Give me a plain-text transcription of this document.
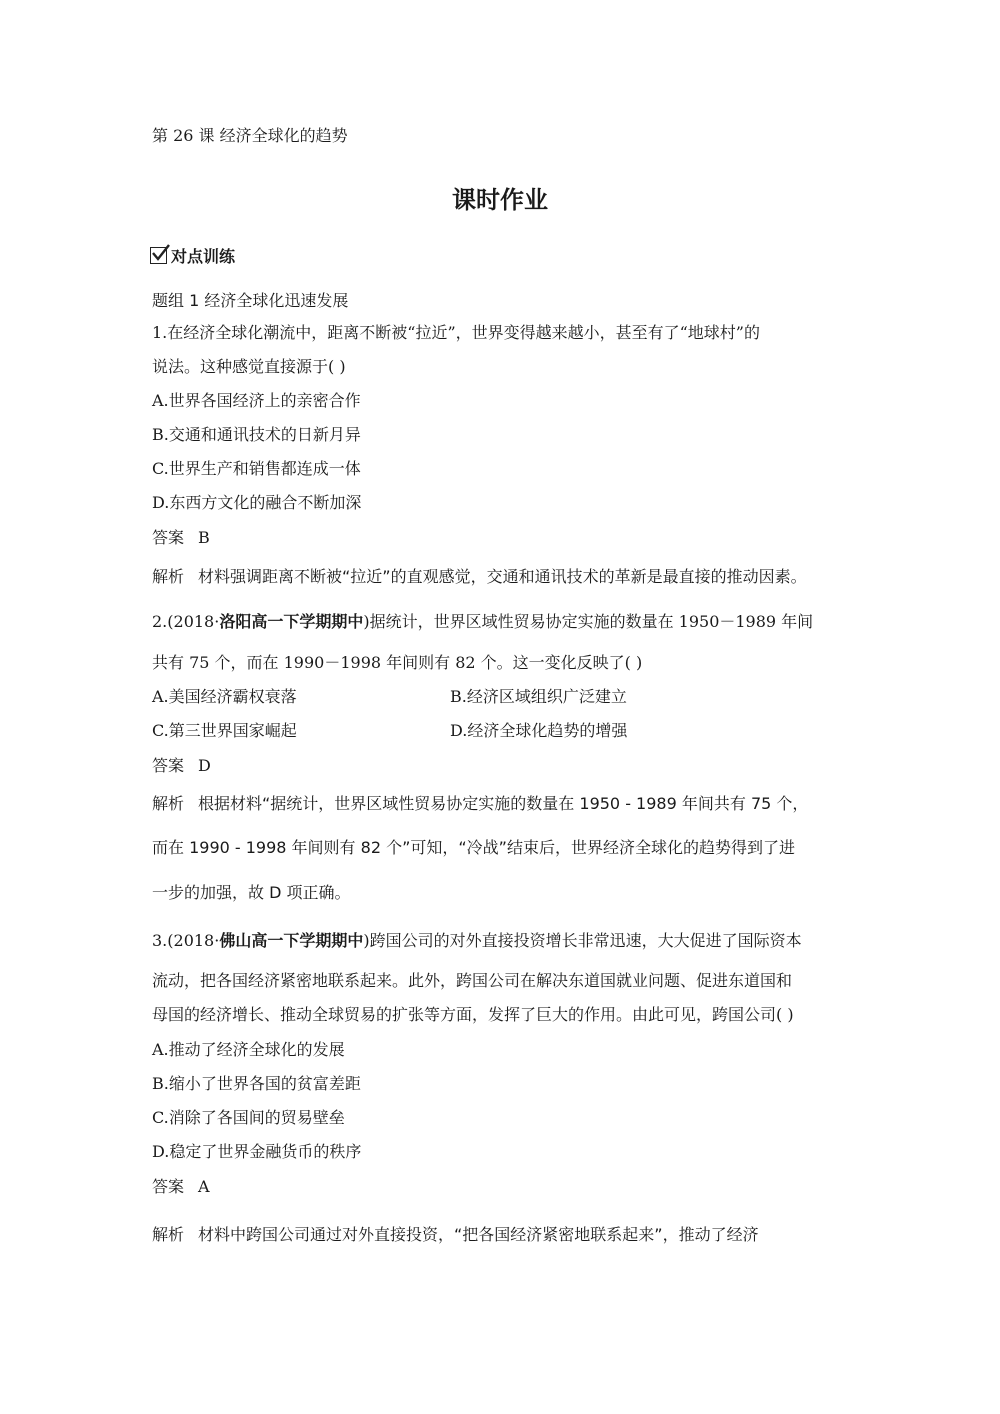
第 26 课 经济全球化的趋势
课时作业
对点训练
题组 1 经济全球化迅速发展
1.在经济全球化潮流中，距离不断被“拉近”，世界变得越来越小，甚至有了“地球村”的
说法。这种感觉直接源于( )
A.世界各国经济上的亲密合作
B.交通和通讯技术的日新月异
C.世界生产和销售都连成一体
D.东西方文化的融合不断加深
答案 B
解析 材料强调距离不断被“拉近”的直观感觉，交通和通讯技术的革新是最直接的推动因素。
2.(2018·洛阳高一下学期期中)据统计，世界区域性贸易协定实施的数量在 1950－1989 年间
共有 75 个，而在 1990－1998 年间则有 82 个。这一变化反映了( )
A.美国经济霸权衰落	B.经济区域组织广泛建立
C.第三世界国家崛起	D.经济全球化趋势的增强
答案 D
解析 根据材料“据统计，世界区域性贸易协定实施的数量在 1950 - 1989 年间共有 75 个，
而在 1990 - 1998 年间则有 82 个”可知，“冷战”结束后，世界经济全球化的趋势得到了进
一步的加强，故 D 项正确。
3.(2018·佛山高一下学期期中)跨国公司的对外直接投资增长非常迅速，大大促进了国际资本
流动，把各国经济紧密地联系起来。此外，跨国公司在解决东道国就业问题、促进东道国和
母国的经济增长、推动全球贸易的扩张等方面，发挥了巨大的作用。由此可见，跨国公司( )
A.推动了经济全球化的发展
B.缩小了世界各国的贫富差距
C.消除了各国间的贸易壁垒
D.稳定了世界金融货币的秩序
答案 A
解析 材料中跨国公司通过对外直接投资，“把各国经济紧密地联系起来”，推动了经济
